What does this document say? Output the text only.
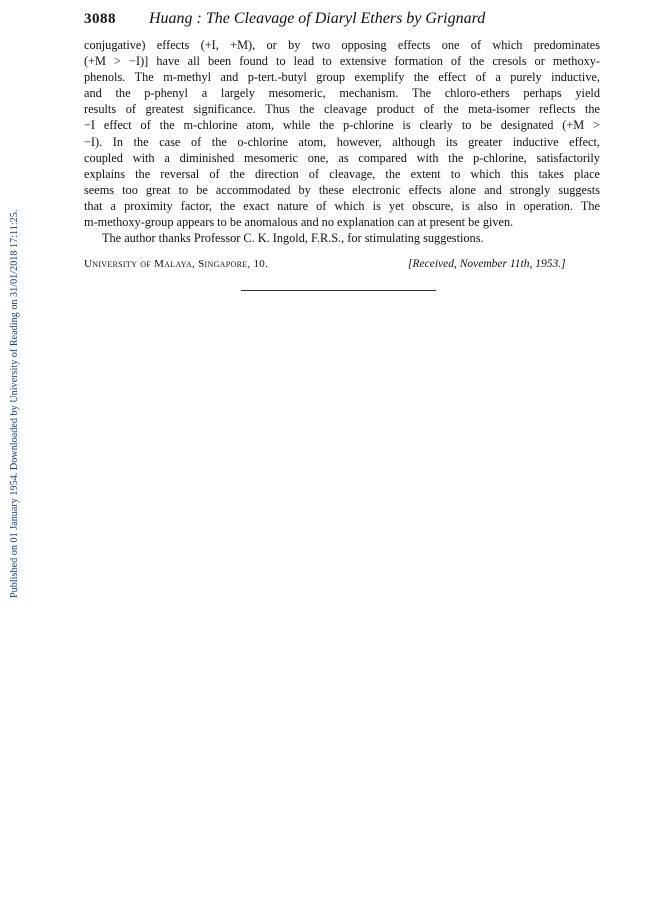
3088 Huang : The Cleavage of Diaryl Ethers by Grignard
conjugative) effects (+I, +M), or by two opposing effects one of which predominates
(+M > −I)] have all been found to lead to extensive formation of the cresols or methoxy-
phenols. The m-methyl and p-tert.-butyl group exemplify the effect of a purely inductive,
and the p-phenyl a largely mesomeric, mechanism. The chloro-ethers perhaps yield
results of greatest significance. Thus the cleavage product of the meta-isomer reflects the
−I effect of the m-chlorine atom, while the p-chlorine is clearly to be designated (+M >
−I). In the case of the o-chlorine atom, however, although its greater inductive effect,
coupled with a diminished mesomeric one, as compared with the p-chlorine, satisfactorily
explains the reversal of the direction of cleavage, the extent to which this takes place
seems too great to be accommodated by these electronic effects alone and strongly suggests
that a proximity factor, the exact nature of which is yet obscure, is also in operation. The
m-methoxy-group appears to be anomalous and no explanation can at present be given.
The author thanks Professor C. K. Ingold, F.R.S., for stimulating suggestions.
University of Malaya, Singapore, 10.	[Received, November 11th, 1953.]
Published on 01 January 1954. Downloaded by University of Reading on 31/01/2018 17:11:25.
